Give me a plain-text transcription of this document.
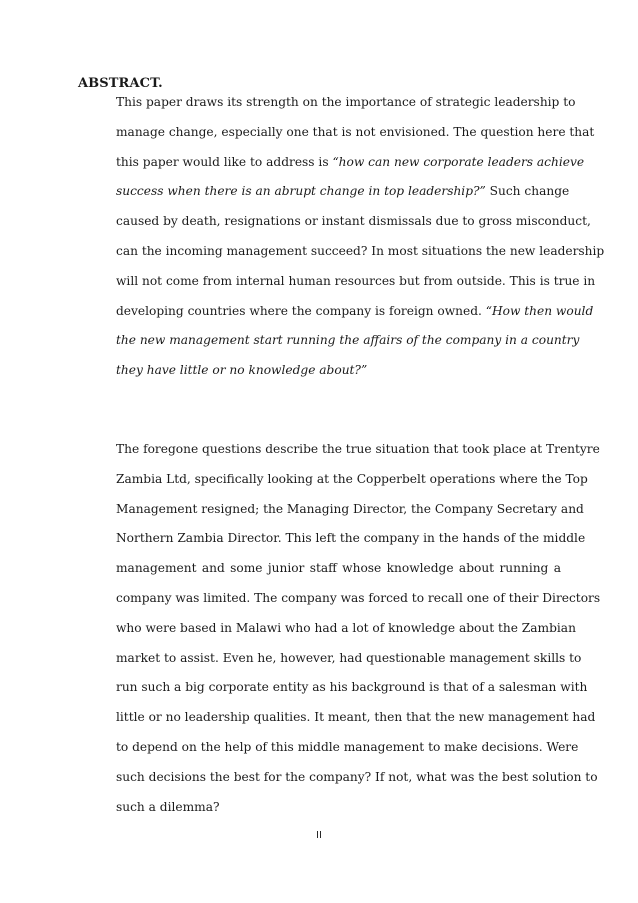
ABSTRACT.
This paper draws its strength on the importance of strategic leadership to
manage change, especially one that is not envisioned. The question here that
this paper would like to address is “how can new corporate leaders achieve
success when there is an abrupt change in top leadership?” Such change
caused by death, resignations or instant dismissals due to gross misconduct,
can the incoming management succeed? In most situations the new leadership
will not come from internal human resources but from outside. This is true in
developing countries where the company is foreign owned. “How then would
the new management start running the affairs of the company in a country
they have little or no knowledge about?”
The foregone questions describe the true situation that took place at Trentyre
Zambia Ltd, specifically looking at the Copperbelt operations where the Top
Management resigned; the Managing Director, the Company Secretary and
Northern Zambia Director. This left the company in the hands of the middle
management and some junior staff whose knowledge about running a
company was limited. The company was forced to recall one of their Directors
who were based in Malawi who had a lot of knowledge about the Zambian
market to assist. Even he, however, had questionable management skills to
run such a big corporate entity as his background is that of a salesman with
little or no leadership qualities. It meant, then that the new management had
to depend on the help of this middle management to make decisions. Were
such decisions the best for the company? If not, what was the best solution to
such a dilemma?
II
